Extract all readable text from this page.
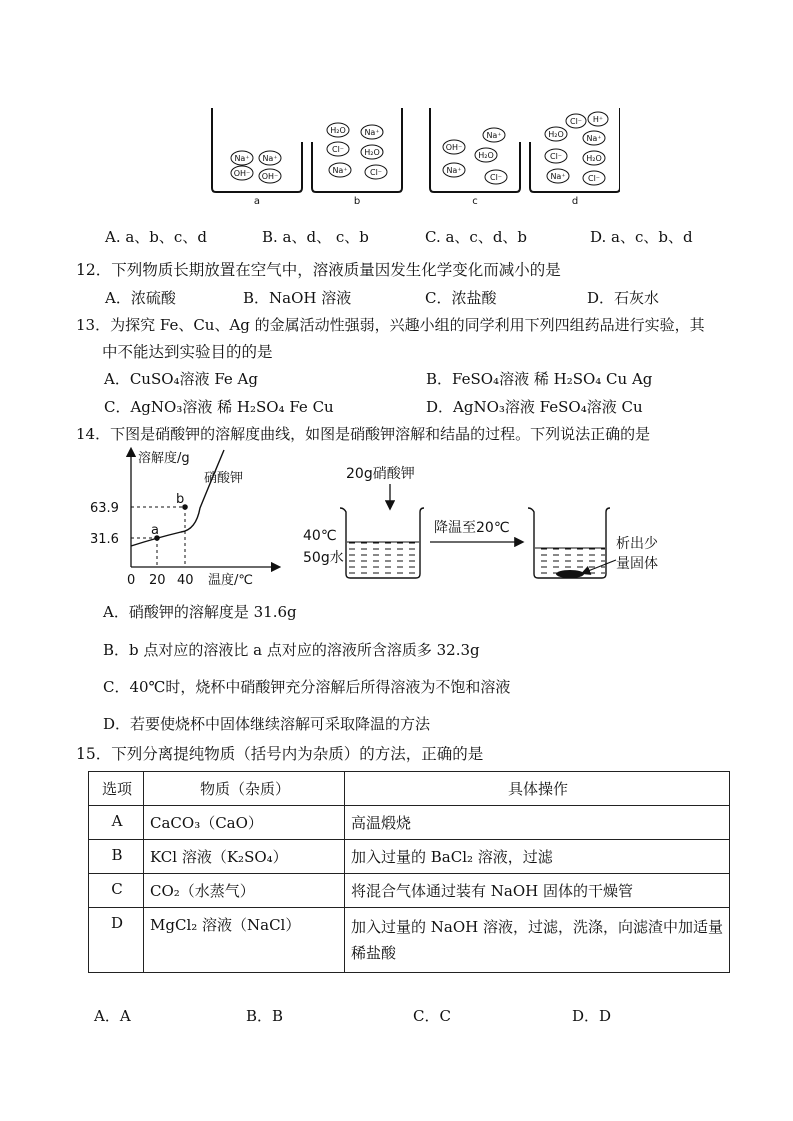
Na⁺ Na⁺
OH⁻ OH⁻
H₂O Na⁺
Cl⁻	H₂O
Na⁺	Cl⁻
Na⁺
OH⁻
H₂O
Na⁺
Cl⁻
Cl⁻ H⁺
H₂O	Na⁺
Cl⁻	H₂O
Na⁺	Cl⁻
a	b	c	d
A. a、b、c、d	B. a、d、 c、b	C. a、c、d、b	D. a、c、b、d
12．下列物质长期放置在空气中，溶液质量因发生化学变化而减小的是
A．浓硫酸	B．NaOH 溶液	C．浓盐酸	D．石灰水
13．为探究 Fe、Cu、Ag 的金属活动性强弱，兴趣小组的同学利用下列四组药品进行实验，其
中不能达到实验目的的是
A．CuSO₄溶液 Fe Ag	B．FeSO₄溶液 稀 H₂SO₄ Cu Ag
C．AgNO₃溶液 稀 H₂SO₄ Fe Cu	D．AgNO₃溶液 FeSO₄溶液 Cu
14．下图是硝酸钾的溶解度曲线，如图是硝酸钾溶解和结晶的过程。下列说法正确的是
溶解度/g
硝酸钾
b
a
63.9
31.6
0 20 40 温度/℃
20g硝酸钾
40℃
50g水
降温至20℃
析出少
量固体
A．硝酸钾的溶解度是 31.6g
B．b 点对应的溶液比 a 点对应的溶液所含溶质多 32.3g
C．40℃时，烧杯中硝酸钾充分溶解后所得溶液为不饱和溶液
D．若要使烧杯中固体继续溶解可采取降温的方法
15．下列分离提纯物质（括号内为杂质）的方法，正确的是
选项	物质（杂质）	具体操作
A	CaCO₃（CaO）	高温煅烧
B	KCl 溶液（K₂SO₄）	加入过量的 BaCl₂ 溶液，过滤
C	CO₂（水蒸气）	将混合气体通过装有 NaOH 固体的干燥管
D	MgCl₂ 溶液（NaCl）	加入过量的 NaOH 溶液，过滤，洗涤，向滤渣中加适量稀盐酸
A．A	B．B	C．C	D．D
